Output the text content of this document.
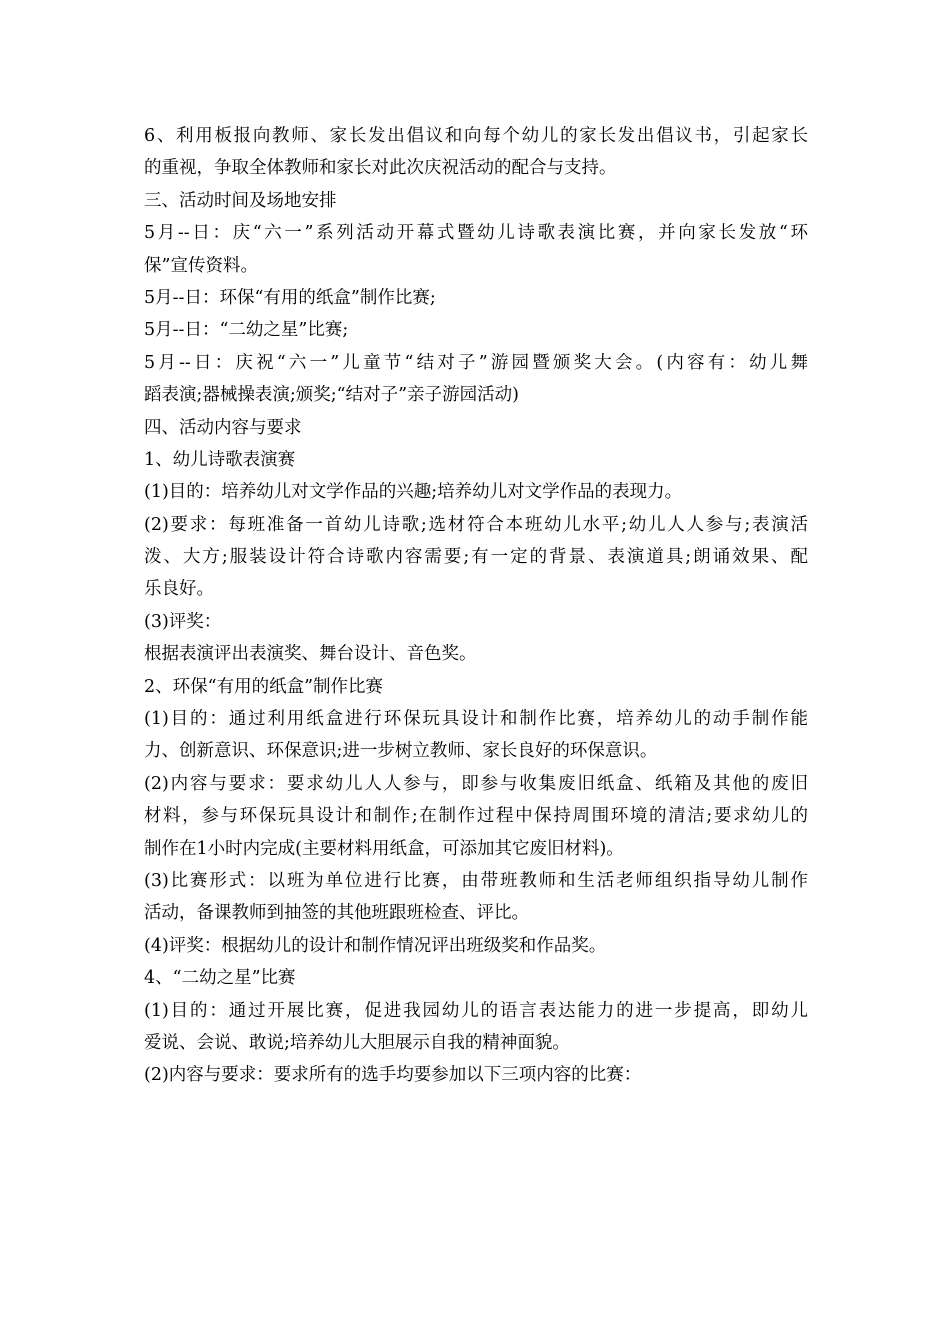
6、利用板报向教师、家长发出倡议和向每个幼儿的家长发出倡议书，引起家长
的重视，争取全体教师和家长对此次庆祝活动的配合与支持。
三、活动时间及场地安排
5月--日：庆“六一”系列活动开幕式暨幼儿诗歌表演比赛，并向家长发放“环
保”宣传资料。
5月--日：环保“有用的纸盒”制作比赛;
5月--日：“二幼之星”比赛;
5月--日：庆祝“六一”儿童节“结对子”游园暨颁奖大会。(内容有：幼儿舞
蹈表演;器械操表演;颁奖;“结对子”亲子游园活动)
四、活动内容与要求
1、幼儿诗歌表演赛
(1)目的：培养幼儿对文学作品的兴趣;培养幼儿对文学作品的表现力。
(2)要求：每班准备一首幼儿诗歌;选材符合本班幼儿水平;幼儿人人参与;表演活
泼、大方;服装设计符合诗歌内容需要;有一定的背景、表演道具;朗诵效果、配
乐良好。
(3)评奖：
根据表演评出表演奖、舞台设计、音色奖。
2、环保“有用的纸盒”制作比赛
(1)目的：通过利用纸盒进行环保玩具设计和制作比赛，培养幼儿的动手制作能
力、创新意识、环保意识;进一步树立教师、家长良好的环保意识。
(2)内容与要求：要求幼儿人人参与，即参与收集废旧纸盒、纸箱及其他的废旧
材料，参与环保玩具设计和制作;在制作过程中保持周围环境的清洁;要求幼儿的
制作在1小时内完成(主要材料用纸盒，可添加其它废旧材料)。
(3)比赛形式：以班为单位进行比赛，由带班教师和生活老师组织指导幼儿制作
活动，备课教师到抽签的其他班跟班检查、评比。
(4)评奖：根据幼儿的设计和制作情况评出班级奖和作品奖。
4、“二幼之星”比赛
(1)目的：通过开展比赛，促进我园幼儿的语言表达能力的进一步提高，即幼儿
爱说、会说、敢说;培养幼儿大胆展示自我的精神面貌。
(2)内容与要求：要求所有的选手均要参加以下三项内容的比赛：
